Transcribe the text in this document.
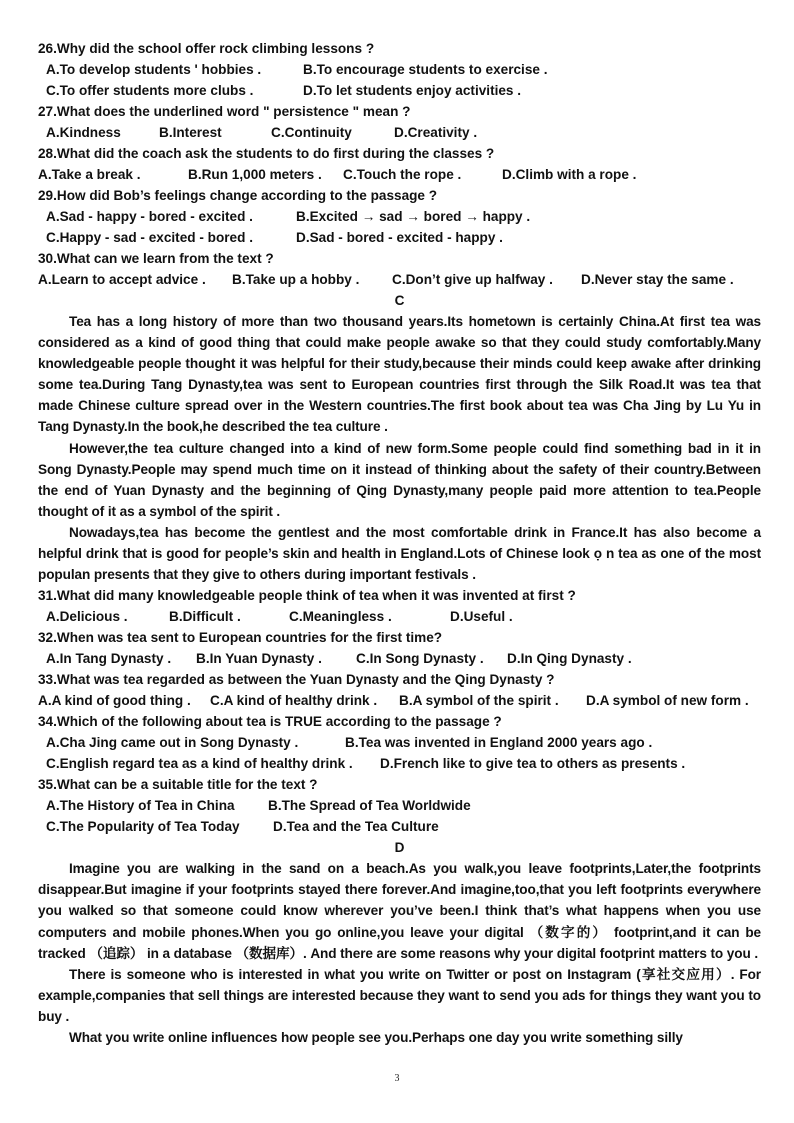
26.Why did the school offer rock climbing lessons ?
A.To develop students ' hobbies .	B.To encourage students to exercise .
C.To offer students more clubs .	D.To let students enjoy activities .
27.What does the underlined word " persistence " mean ?
A.Kindness	B.Interest	C.Continuity	D.Creativity .
28.What did the coach ask the students to do first during the classes ?
A.Take a break .	B.Run 1,000 meters . C.Touch the rope .	D.Climb with a rope .
29.How did Bob’s feelings change according to the passage ?
A.Sad - happy - bored - excited .	B.Excited → sad → bored → happy .
C.Happy - sad - excited - bored .	D.Sad - bored - excited - happy .
30.What can we learn from the text ?
A.Learn to accept advice . B.Take up a hobby . C.Don’t give up halfway . D.Never stay the same .
C

Tea has a long history of more than two thousand years.Its hometown is certainly China.At first tea was considered as a kind of good thing that could make people awake so that they could study comfortably.Many knowledgeable people thought it was helpful for their study,because their minds could keep awake after drinking some tea.During Tang Dynasty,tea was sent to European countries first through the Silk Road.It was tea that made Chinese culture spread over in the Western countries.The first book about tea was Cha Jing by Lu Yu in Tang Dynasty.In the book,he described the tea culture .

However,the tea culture changed into a kind of new form.Some people could find something bad in it in Song Dynasty.People may spend much time on it instead of thinking about the safety of their country.Between the end of Yuan Dynasty and the beginning of Qing Dynasty,many people paid more attention to tea.People thought of it as a symbol of the spirit .

Nowadays,tea has become the gentlest and the most comfortable drink in France.It has also become a helpful drink that is good for people’s skin and health in England.Lots of Chinese look ọ n tea as one of the most populan presents that they give to others during important festivals .

31.What did many knowledgeable people think of tea when it was invented at first ?
A.Delicious .	B.Difficult .	C.Meaningless .	D.Useful .
32.When was tea sent to European countries for the first time?
A.In Tang Dynasty . B.In Yuan Dynasty .	C.In Song Dynasty . D.In Qing Dynasty .
33.What was tea regarded as between the Yuan Dynasty and the Qing Dynasty ?
A.A kind of good thing . C.A kind of healthy drink . B.A symbol of the spirit . D.A symbol of new form .
34.Which of the following about tea is TRUE according to the passage ?
A.Cha Jing came out in Song Dynasty .	B.Tea was invented in England 2000 years ago .
C.English regard tea as a kind of healthy drink . D.French like to give tea to others as presents .
35.What can be a suitable title for the text ?
A.The History of Tea in China B.The Spread of Tea Worldwide
C.The Popularity of Tea Today D.Tea and the Tea Culture
D

Imagine you are walking in the sand on a beach.As you walk,you leave footprints,Later,the footprints disappear.But imagine if your footprints stayed there forever.And imagine,too,that you left footprints everywhere you walked so that someone could know wherever you’ve been.I think that’s what happens when you use computers and mobile phones.When you go online,you leave your digital （数字的） footprint,and it can be tracked （追踪） in a database （数据库）. And there are some reasons why your digital footprint matters to you .

There is someone who is interested in what you write on Twitter or post on Instagram (享社交应用）. For example,companies that sell things are interested because they want to send you ads for things they want you to buy .

What you write online influences how people see you.Perhaps one day you write something silly

3
